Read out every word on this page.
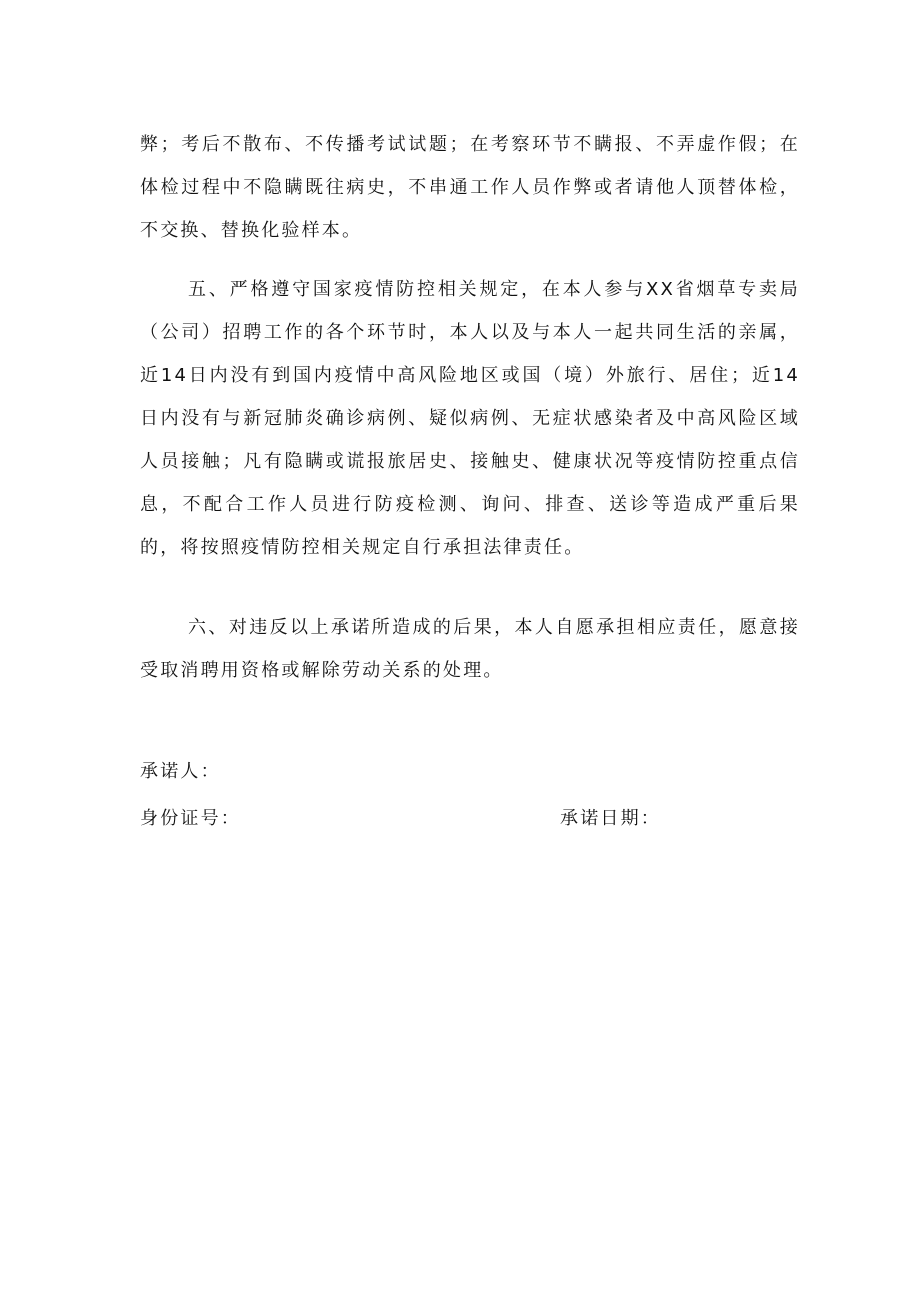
弊；考后不散布、不传播考试试题；在考察环节不瞒报、不弄虚作假；在体检过程中不隐瞒既往病史，不串通工作人员作弊或者请他人顶替体检，不交换、替换化验样本。

五、严格遵守国家疫情防控相关规定，在本人参与XX省烟草专卖局（公司）招聘工作的各个环节时，本人以及与本人一起共同生活的亲属，近14日内没有到国内疫情中高风险地区或国（境）外旅行、居住；近14日内没有与新冠肺炎确诊病例、疑似病例、无症状感染者及中高风险区域人员接触；凡有隐瞒或谎报旅居史、接触史、健康状况等疫情防控重点信息，不配合工作人员进行防疫检测、询问、排查、送诊等造成严重后果的，将按照疫情防控相关规定自行承担法律责任。

六、对违反以上承诺所造成的后果，本人自愿承担相应责任，愿意接受取消聘用资格或解除劳动关系的处理。

承诺人：

身份证号：	承诺日期：
